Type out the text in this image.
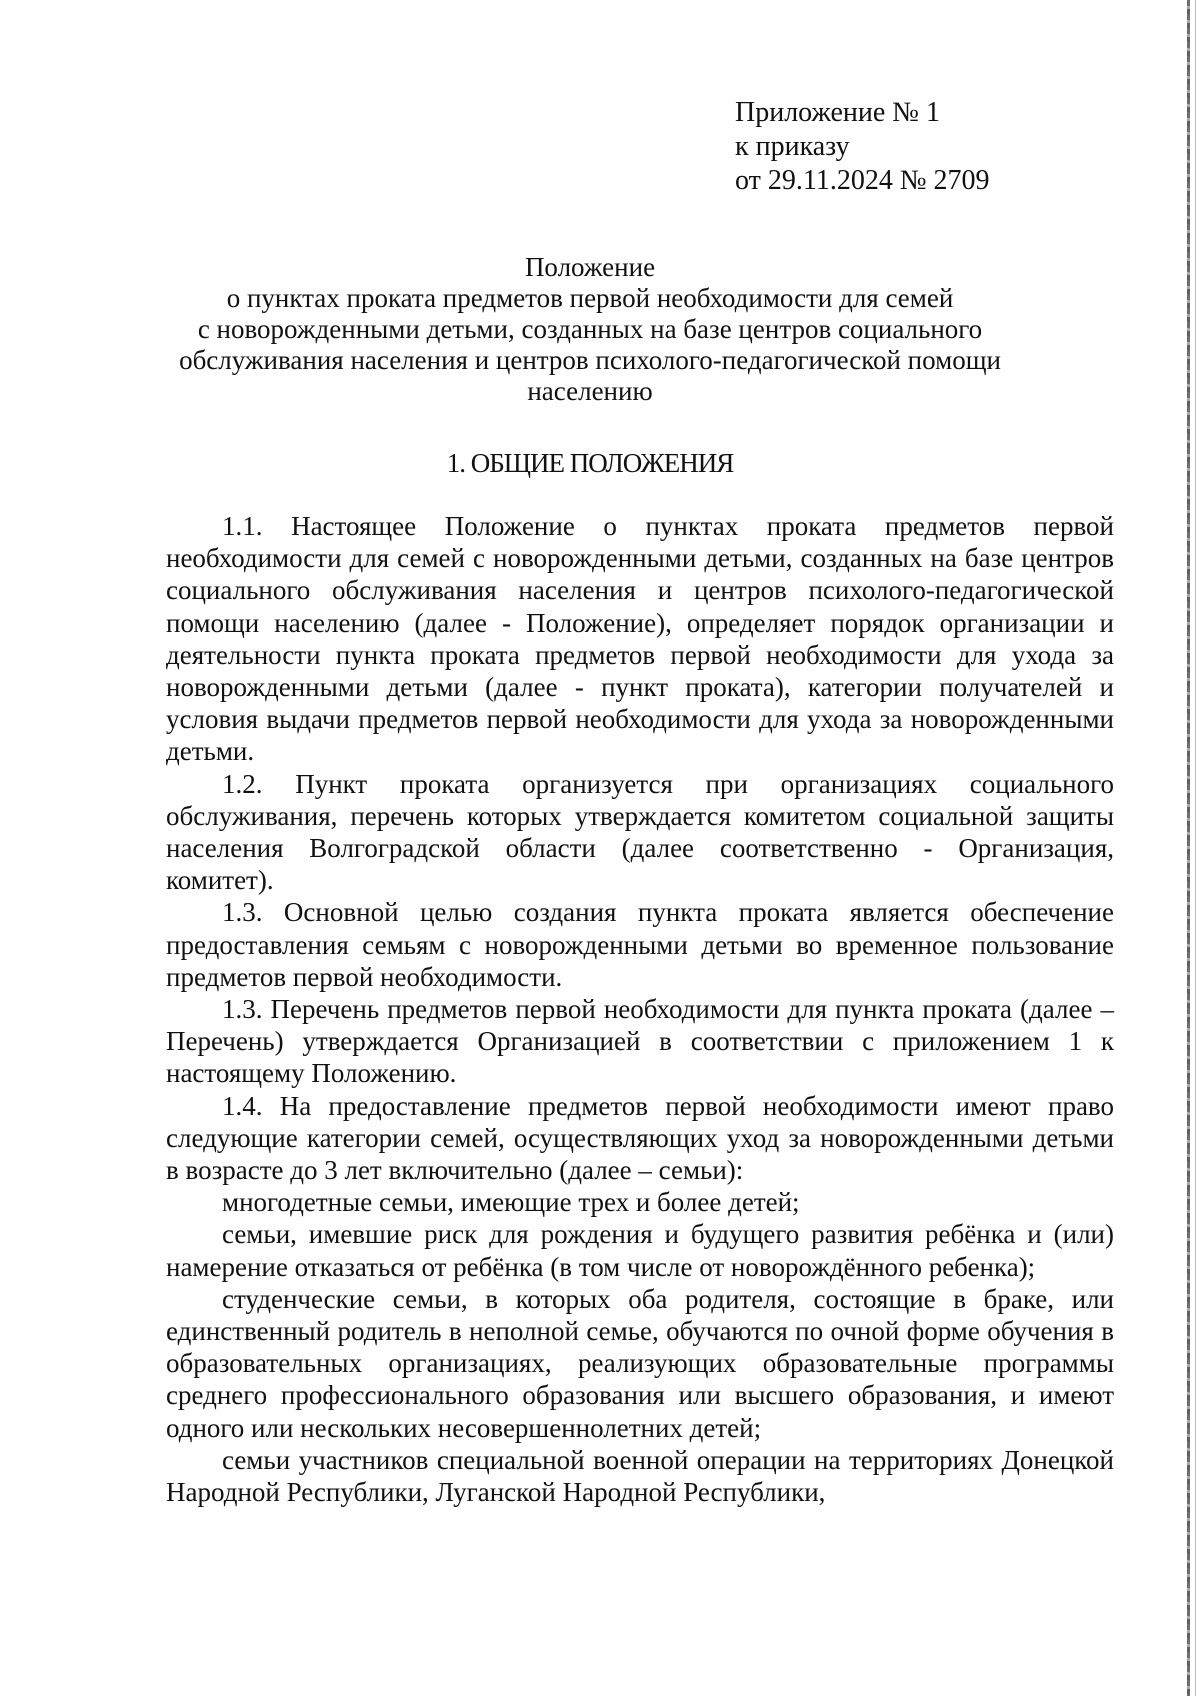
Приложение № 1
к приказу
от 29.11.2024 № 2709
Положение
о пунктах проката предметов первой необходимости для семей
с новорожденными детьми, созданных на базе центров социального
обслуживания населения и центров психолого-педагогической помощи
населению
1. ОБЩИЕ ПОЛОЖЕНИЯ

1.1. Настоящее Положение о пунктах проката предметов первой необходимости для семей с новорожденными детьми, созданных на базе центров социального обслуживания населения и центров психолого-педагогической помощи населению (далее - Положение), определяет порядок организации и деятельности пункта проката предметов первой необходимости для ухода за новорожденными детьми (далее - пункт проката), категории получателей и условия выдачи предметов первой необходимости для ухода за новорожденными детьми.

1.2. Пункт проката организуется при организациях социального обслуживания, перечень которых утверждается комитетом социальной защиты населения Волгоградской области (далее соответственно - Организация, комитет).

1.3. Основной целью создания пункта проката является обеспечение предоставления семьям с новорожденными детьми во временное пользование предметов первой необходимости.

1.3. Перечень предметов первой необходимости для пункта проката (далее – Перечень) утверждается Организацией в соответствии с приложением 1 к настоящему Положению.

1.4. На предоставление предметов первой необходимости имеют право следующие категории семей, осуществляющих уход за новорожденными детьми в возрасте до 3 лет включительно (далее – семьи):

многодетные семьи, имеющие трех и более детей;

семьи, имевшие риск для рождения и будущего развития ребёнка и (или) намерение отказаться от ребёнка (в том числе от новорождённого ребенка);

студенческие семьи, в которых оба родителя, состоящие в браке, или единственный родитель в неполной семье, обучаются по очной форме обучения в образовательных организациях, реализующих образовательные программы среднего профессионального образования или высшего образования, и имеют одного или нескольких несовершеннолетних детей;

семьи участников специальной военной операции на территориях Донецкой Народной Республики, Луганской Народной Республики,
